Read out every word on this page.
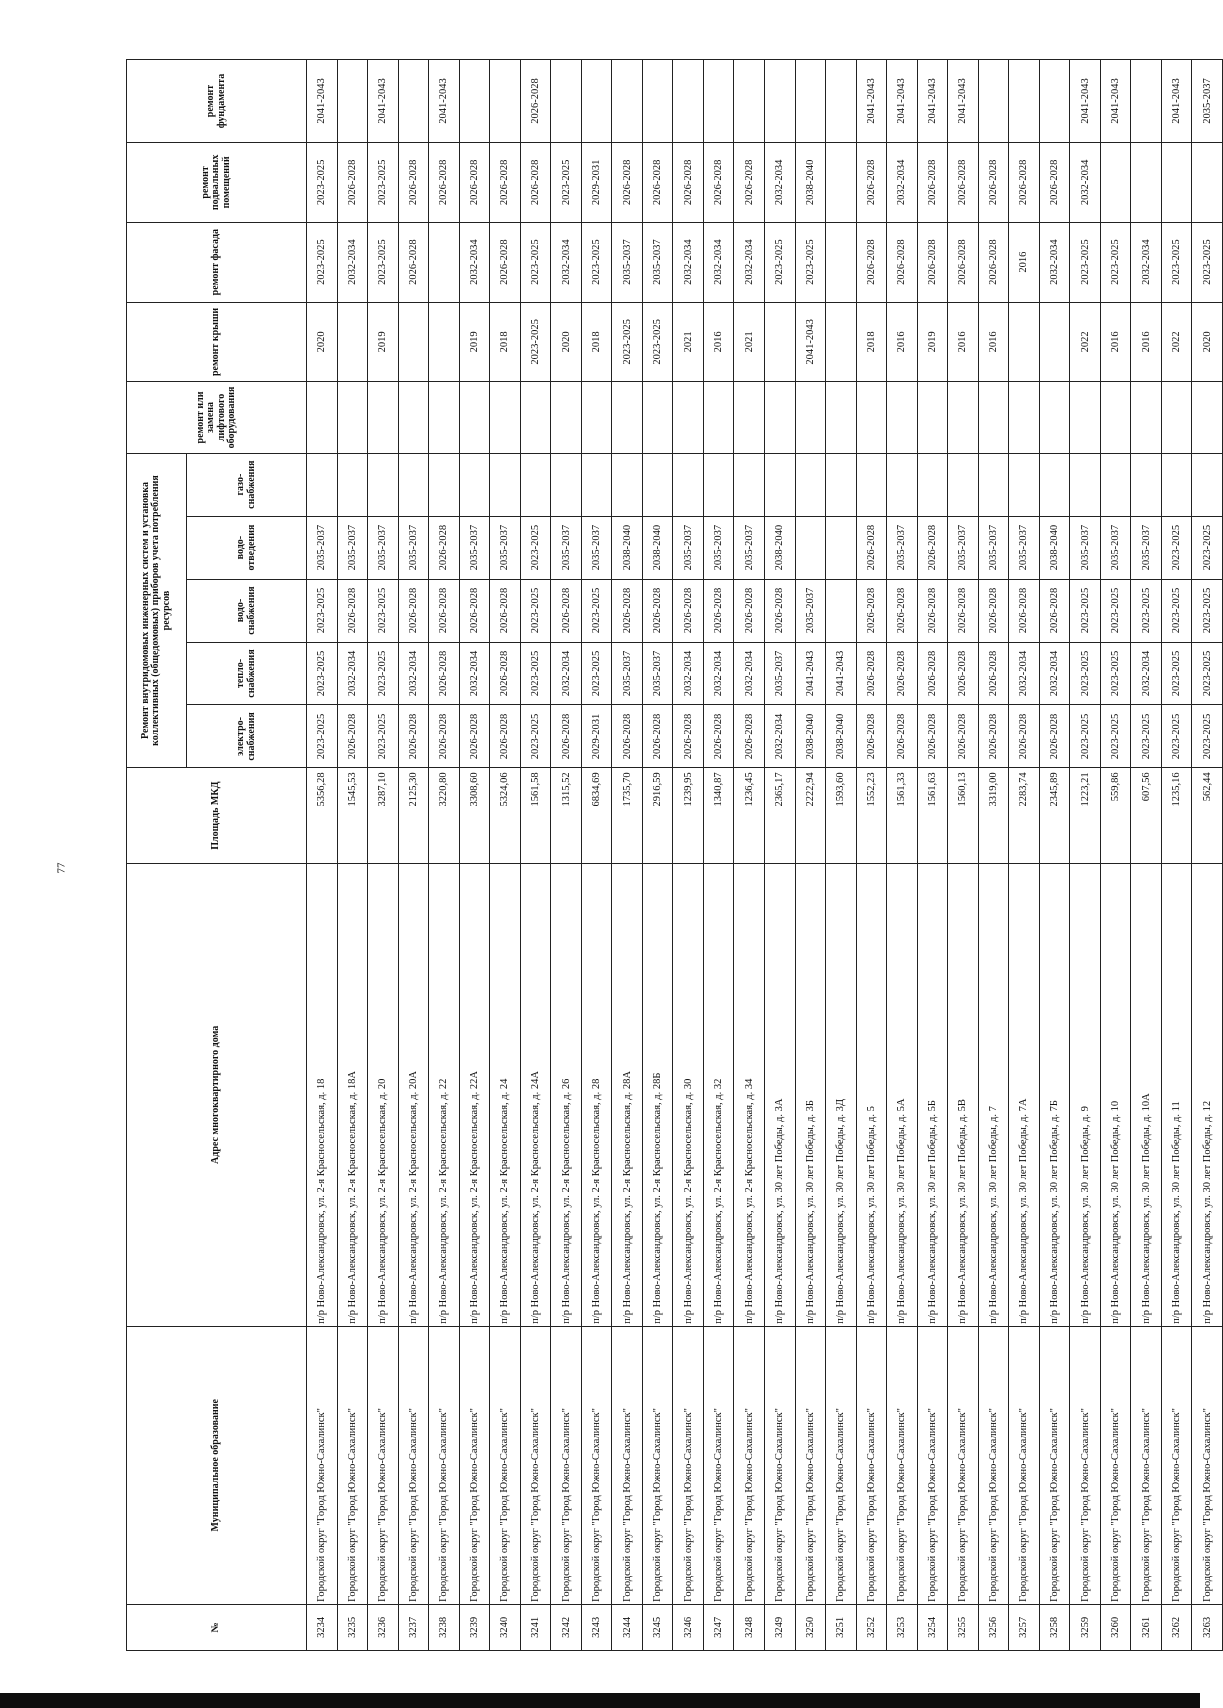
77
№	Муниципальное образование	Адрес многоквартирного дома	Площадь МКД	Ремонт внутридомовых инженерных систем и установка коллективных (общедомовых) приборов учета потребления ресурсов					ремонт или замена лифтового оборудования	ремонт крыши	ремонт фасада	ремонт подвальных помещений	ремонт фундамента
				электро-снабжения	тепло-снабжения	водо-снабжения	водо-отведения	газо-снабжения					
3234	Городской округ "Город Южно-Сахалинск"	п/р Ново-Александровск, ул. 2-я Красносельская, д. 18	5356,28	2023-2025	2023-2025	2023-2025	2035-2037			2020	2023-2025	2023-2025	2041-2043
3235	Городской округ "Город Южно-Сахалинск"	п/р Ново-Александровск, ул. 2-я Красносельская, д. 18А	1545,53	2026-2028	2032-2034	2026-2028	2035-2037				2032-2034	2026-2028	
3236	Городской округ "Город Южно-Сахалинск"	п/р Ново-Александровск, ул. 2-я Красносельская, д. 20	3287,10	2023-2025	2023-2025	2023-2025	2035-2037			2019	2023-2025	2023-2025	2041-2043
3237	Городской округ "Город Южно-Сахалинск"	п/р Ново-Александровск, ул. 2-я Красносельская, д. 20А	2125,30	2026-2028	2032-2034	2026-2028	2035-2037				2026-2028	2026-2028	
3238	Городской округ "Город Южно-Сахалинск"	п/р Ново-Александровск, ул. 2-я Красносельская, д. 22	3220,80	2026-2028	2026-2028	2026-2028	2026-2028					2026-2028	2041-2043
3239	Городской округ "Город Южно-Сахалинск"	п/р Ново-Александровск, ул. 2-я Красносельская, д. 22А	3308,60	2026-2028	2032-2034	2026-2028	2035-2037			2019	2032-2034	2026-2028	
3240	Городской округ "Город Южно-Сахалинск"	п/р Ново-Александровск, ул. 2-я Красносельская, д. 24	5324,06	2026-2028	2026-2028	2026-2028	2035-2037			2018	2026-2028	2026-2028	
3241	Городской округ "Город Южно-Сахалинск"	п/р Ново-Александровск, ул. 2-я Красносельская, д. 24А	1561,58	2023-2025	2023-2025	2023-2025	2023-2025			2023-2025	2023-2025	2026-2028	2026-2028
3242	Городской округ "Город Южно-Сахалинск"	п/р Ново-Александровск, ул. 2-я Красносельская, д. 26	1315,52	2026-2028	2032-2034	2026-2028	2035-2037			2020	2032-2034	2023-2025	
3243	Городской округ "Город Южно-Сахалинск"	п/р Ново-Александровск, ул. 2-я Красносельская, д. 28	6834,69	2029-2031	2023-2025	2023-2025	2035-2037			2018	2023-2025	2029-2031	
3244	Городской округ "Город Южно-Сахалинск"	п/р Ново-Александровск, ул. 2-я Красносельская, д. 28А	1735,70	2026-2028	2035-2037	2026-2028	2038-2040			2023-2025	2035-2037	2026-2028	
3245	Городской округ "Город Южно-Сахалинск"	п/р Ново-Александровск, ул. 2-я Красносельская, д. 28Б	2916,59	2026-2028	2035-2037	2026-2028	2038-2040			2023-2025	2035-2037	2026-2028	
3246	Городской округ "Город Южно-Сахалинск"	п/р Ново-Александровск, ул. 2-я Красносельская, д. 30	1239,95	2026-2028	2032-2034	2026-2028	2035-2037			2021	2032-2034	2026-2028	
3247	Городской округ "Город Южно-Сахалинск"	п/р Ново-Александровск, ул. 2-я Красносельская, д. 32	1340,87	2026-2028	2032-2034	2026-2028	2035-2037			2016	2032-2034	2026-2028	
3248	Городской округ "Город Южно-Сахалинск"	п/р Ново-Александровск, ул. 2-я Красносельская, д. 34	1236,45	2026-2028	2032-2034	2026-2028	2035-2037			2021	2032-2034	2026-2028	
3249	Городской округ "Город Южно-Сахалинск"	п/р Ново-Александровск, ул. 30 лет Победы, д. 3А	2365,17	2032-2034	2035-2037	2026-2028	2038-2040				2023-2025	2032-2034	
3250	Городской округ "Город Южно-Сахалинск"	п/р Ново-Александровск, ул. 30 лет Победы, д. 3Б	2222,94	2038-2040	2041-2043	2035-2037				2041-2043	2023-2025	2038-2040	
3251	Городской округ "Город Южно-Сахалинск"	п/р Ново-Александровск, ул. 30 лет Победы, д. 3Д	1593,60	2038-2040	2041-2043								
3252	Городской округ "Город Южно-Сахалинск"	п/р Ново-Александровск, ул. 30 лет Победы, д. 5	1552,23	2026-2028	2026-2028	2026-2028	2026-2028			2018	2026-2028	2026-2028	2041-2043
3253	Городской округ "Город Южно-Сахалинск"	п/р Ново-Александровск, ул. 30 лет Победы, д. 5А	1561,33	2026-2028	2026-2028	2026-2028	2035-2037			2016	2026-2028	2032-2034	2041-2043
3254	Городской округ "Город Южно-Сахалинск"	п/р Ново-Александровск, ул. 30 лет Победы, д. 5Б	1561,63	2026-2028	2026-2028	2026-2028	2026-2028			2019	2026-2028	2026-2028	2041-2043
3255	Городской округ "Город Южно-Сахалинск"	п/р Ново-Александровск, ул. 30 лет Победы, д. 5В	1560,13	2026-2028	2026-2028	2026-2028	2035-2037			2016	2026-2028	2026-2028	2041-2043
3256	Городской округ "Город Южно-Сахалинск"	п/р Ново-Александровск, ул. 30 лет Победы, д. 7	3319,00	2026-2028	2026-2028	2026-2028	2035-2037			2016	2026-2028	2026-2028	
3257	Городской округ "Город Южно-Сахалинск"	п/р Ново-Александровск, ул. 30 лет Победы, д. 7А	2283,74	2026-2028	2032-2034	2026-2028	2035-2037				2016	2026-2028	
3258	Городской округ "Город Южно-Сахалинск"	п/р Ново-Александровск, ул. 30 лет Победы, д. 7Б	2345,89	2026-2028	2032-2034	2026-2028	2038-2040				2032-2034	2026-2028	
3259	Городской округ "Город Южно-Сахалинск"	п/р Ново-Александровск, ул. 30 лет Победы, д. 9	1223,21	2023-2025	2023-2025	2023-2025	2035-2037			2022	2023-2025	2032-2034	2041-2043
3260	Городской округ "Город Южно-Сахалинск"	п/р Ново-Александровск, ул. 30 лет Победы, д. 10	559,86	2023-2025	2023-2025	2023-2025	2035-2037			2016	2023-2025		2041-2043
3261	Городской округ "Город Южно-Сахалинск"	п/р Ново-Александровск, ул. 30 лет Победы, д. 10А	607,56	2023-2025	2032-2034	2023-2025	2035-2037			2016	2032-2034		
3262	Городской округ "Город Южно-Сахалинск"	п/р Ново-Александровск, ул. 30 лет Победы, д. 11	1235,16	2023-2025	2023-2025	2023-2025	2023-2025			2022	2023-2025		2041-2043
3263	Городской округ "Город Южно-Сахалинск"	п/р Ново-Александровск, ул. 30 лет Победы, д. 12	562,44	2023-2025	2023-2025	2023-2025	2023-2025			2020	2023-2025		2035-2037
